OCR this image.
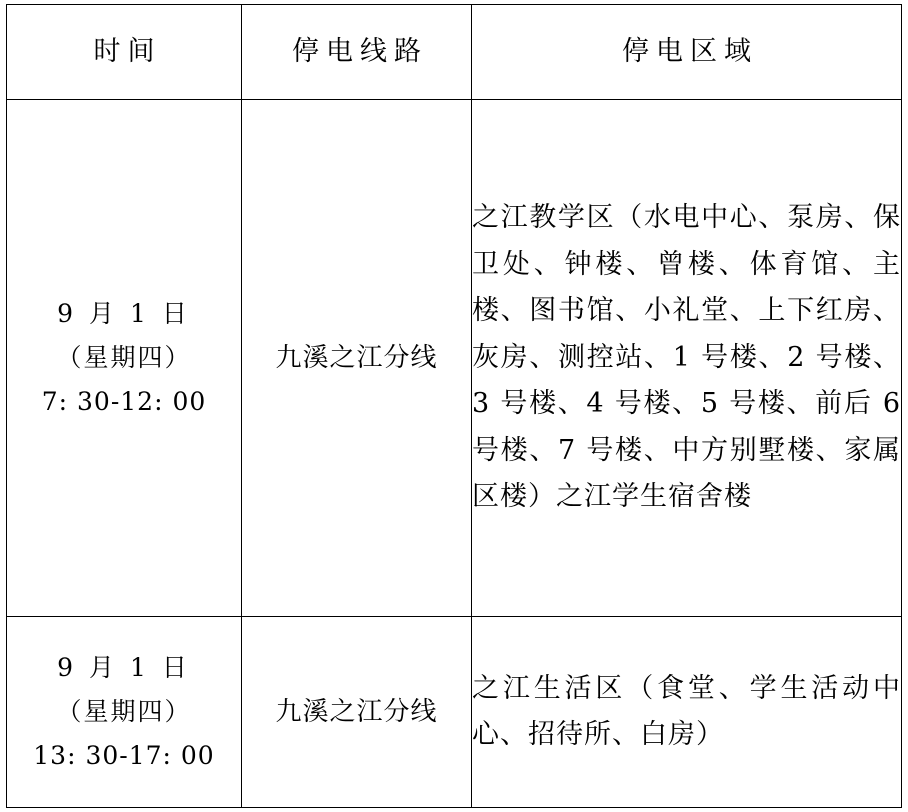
时间	停电线路	停电区域

9 月 1 日
（星期四）
7: 30-12: 00	九溪之江分线	之江教学区（水电中心、泵房、保卫处、钟楼、曾楼、体育馆、主楼、图书馆、小礼堂、上下红房、灰房、测控站、1 号楼、2 号楼、3 号楼、4 号楼、5 号楼、前后 6 号楼、7 号楼、中方别墅楼、家属区楼）之江学生宿舍楼

9 月 1 日
（星期四）
13: 30-17: 00	九溪之江分线	之江生活区（食堂、学生活动中心、招待所、白房）
